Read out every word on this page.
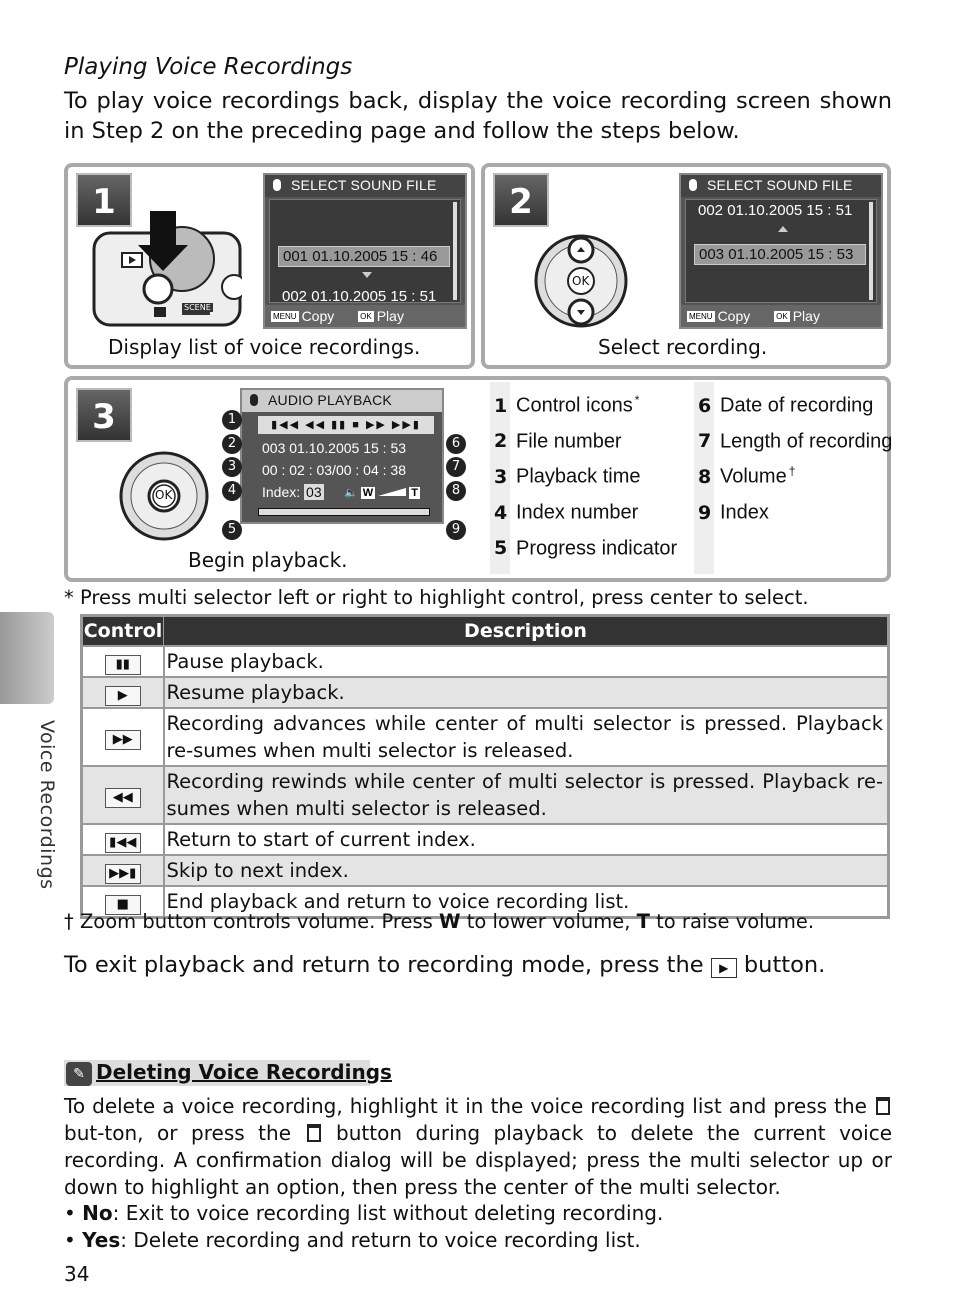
Playing Voice Recordings
To play voice recordings back, display the voice recording screen shown in Step 2 on the preceding page and follow the steps below.
1
SCENE
SELECT SOUND FILE
001 01.10.2005 15 : 46
002 01.10.2005 15 : 51
MENU Copy	OK Play
Display list of voice recordings.
2
OK
SELECT SOUND FILE
002 01.10.2005 15 : 51
003 01.10.2005 15 : 53
MENU Copy	OK Play
Select recording.
3
OK
AUDIO PLAYBACK
▮◀◀ ◀◀ ▮▮ ■ ▶▶ ▶▶▮
003 01.10.2005 15 : 53
00 : 02 : 03/00 : 04 : 38
Index: 03 🔈 W	T
1
2
3
4
5
6
7
8
9
Begin playback.
1 Control icons *
2 File number
3 Playback time
4 Index number
5 Progress indicator
6 Date of recording
7 Length of recording
8 Volume †
9 Index
* Press multi selector left or right to highlight control, press center to select.
Control	Description
▮▮	Pause playback.
▶	Resume playback.
▶▶	Recording advances while center of multi selector is pressed. Playback re-sumes when multi selector is released.
◀◀	Recording rewinds while center of multi selector is pressed. Playback re-sumes when multi selector is released.
▮◀◀	Return to start of current index.
▶▶▮	Skip to next index.
■	End playback and return to voice recording list.
Voice Recordings
† Zoom button controls volume. Press W to lower volume, T to raise volume.
To exit playback and return to recording mode, press the ▶ button.
✎ Deleting Voice Recordings
To delete a voice recording, highlight it in the voice recording list and press the  but-ton, or press the  button during playback to delete the current voice recording. A confirmation dialog will be displayed; press the multi selector up or down to highlight an option, then press the center of the multi selector.
• No: Exit to voice recording list without deleting recording.
• Yes: Delete recording and return to voice recording list.
34
